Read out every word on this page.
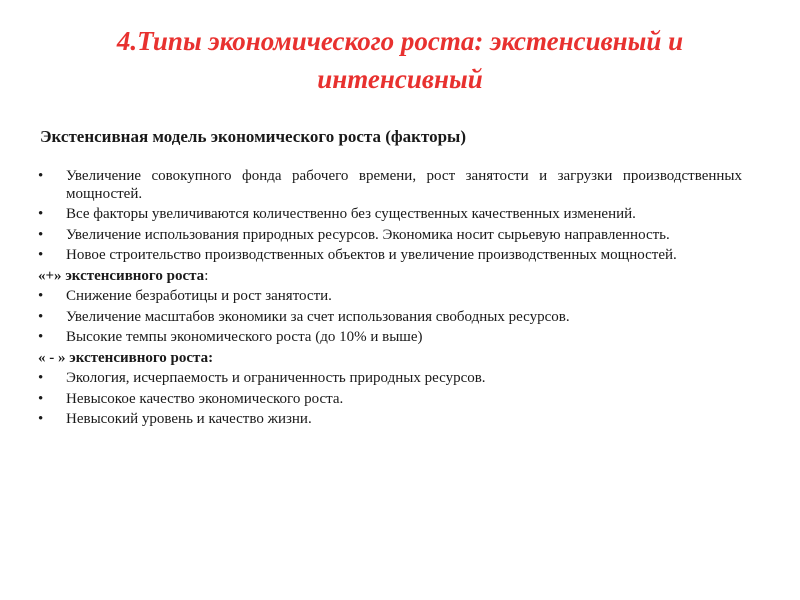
4.Типы экономического роста: экстенсивный и
интенсивный
Экстенсивная модель экономического роста (факторы)
•	Увеличение совокупного фонда рабочего времени, рост занятости и загрузки производственных мощностей.
•	Все факторы увеличиваются количественно без существенных качественных изменений.
•	Увеличение использования природных ресурсов. Экономика носит сырьевую направленность.
•	Новое строительство производственных объектов и увеличение производственных мощностей.
«+» экстенсивного роста:
•	Снижение безработицы и рост занятости.
•	Увеличение масштабов экономики за счет использования свободных ресурсов.
•	Высокие темпы экономического роста (до 10% и выше)
« - » экстенсивного роста:
•	Экология, исчерпаемость и ограниченность природных ресурсов.
•	Невысокое качество экономического роста.
•	Невысокий уровень и качество жизни.
